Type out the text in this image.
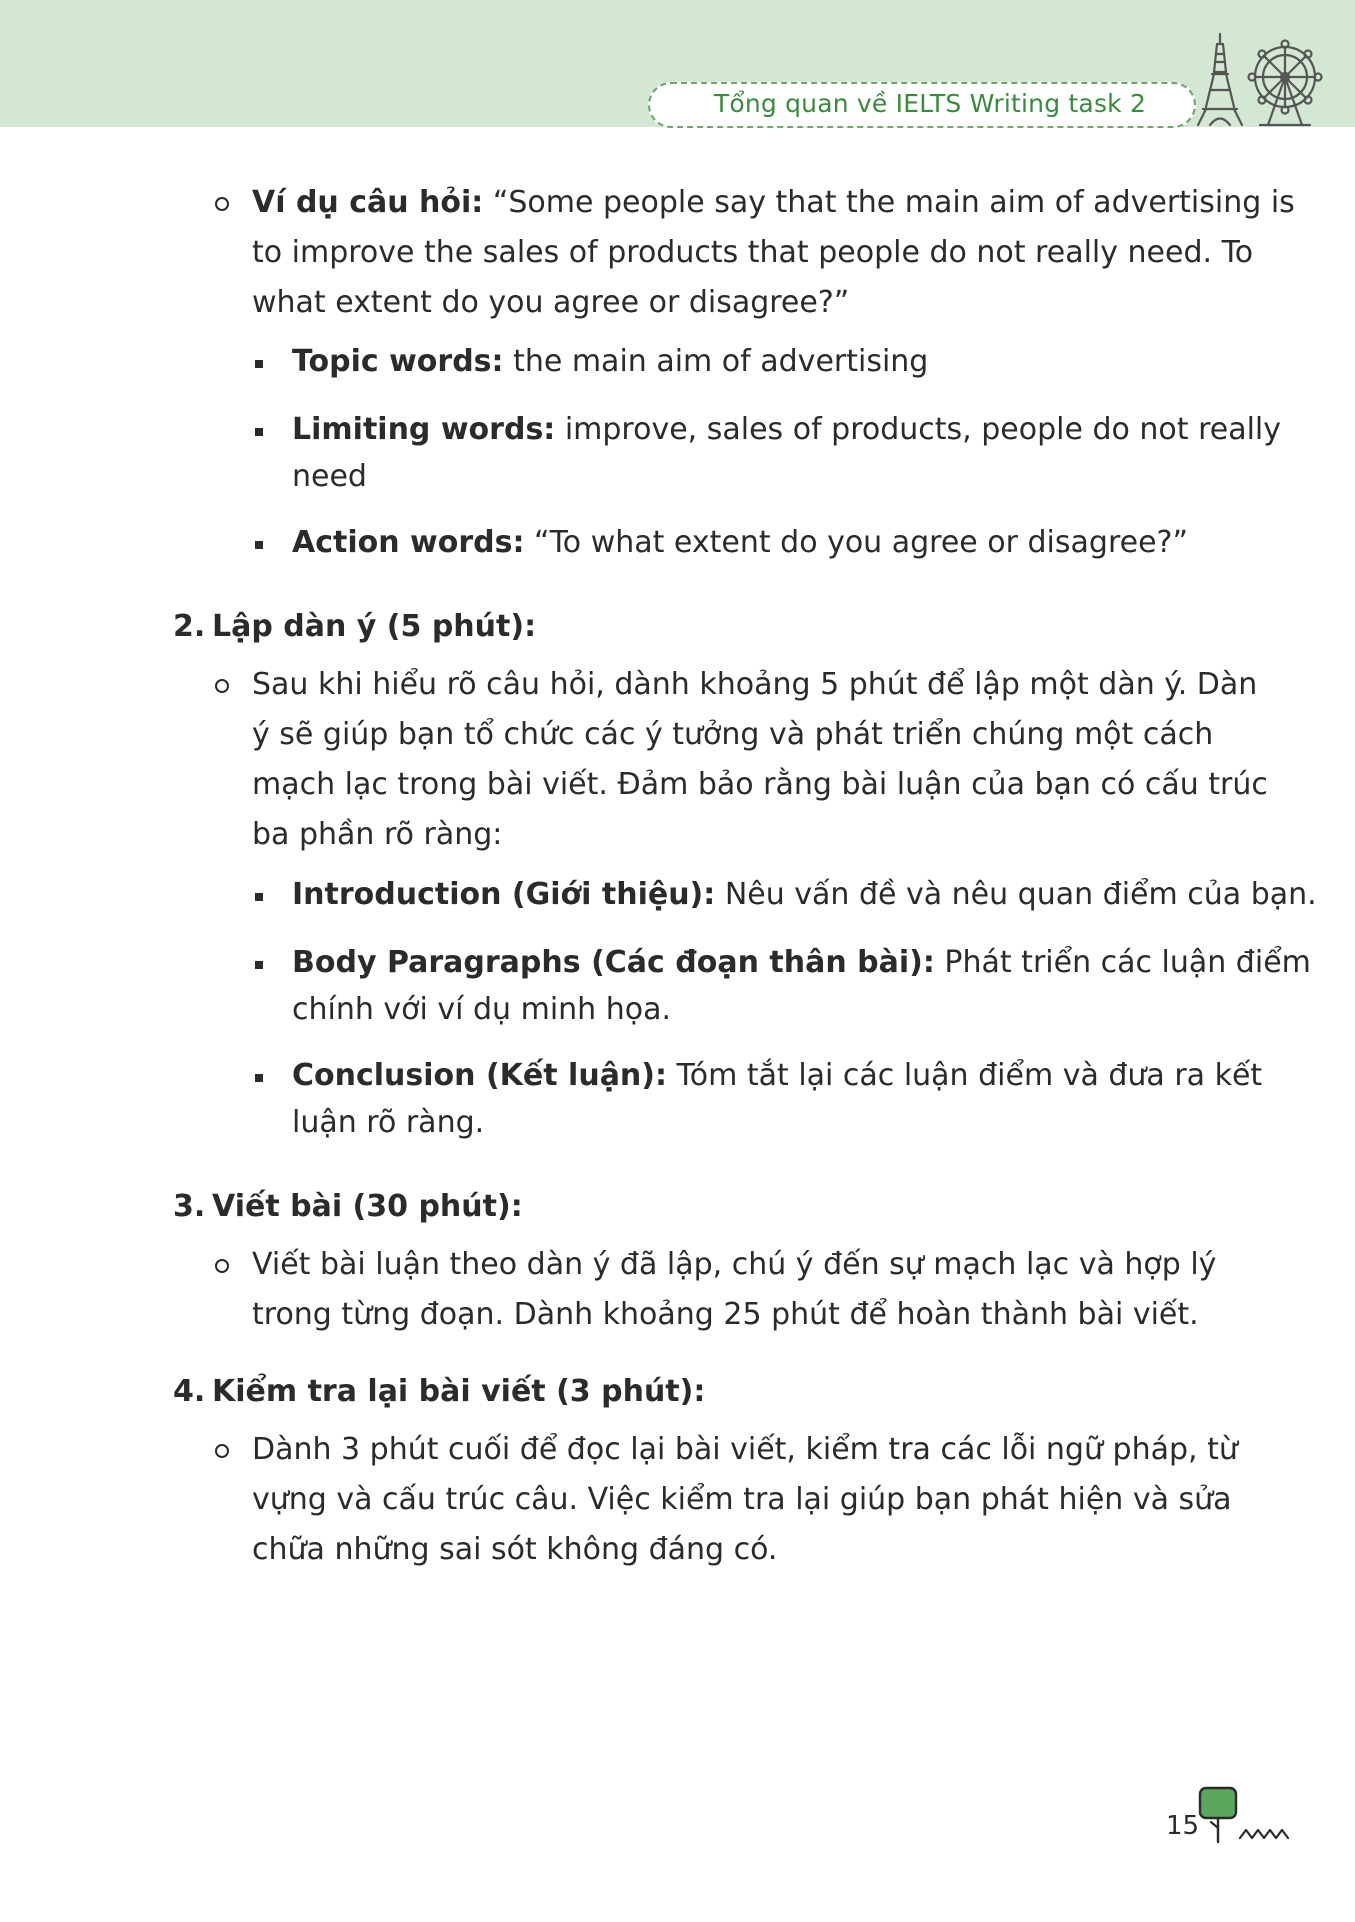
Tổng quan về IELTS Writing task 2
Ví dụ câu hỏi: “Some people say that the main aim of advertising is
to improve the sales of products that people do not really need. To
what extent do you agree or disagree?”
Topic words: the main aim of advertising
Limiting words: improve, sales of products, people do not really
need
Action words: “To what extent do you agree or disagree?”
2. Lập dàn ý (5 phút):
Sau khi hiểu rõ câu hỏi, dành khoảng 5 phút để lập một dàn ý. Dàn
ý sẽ giúp bạn tổ chức các ý tưởng và phát triển chúng một cách
mạch lạc trong bài viết. Đảm bảo rằng bài luận của bạn có cấu trúc
ba phần rõ ràng:
Introduction (Giới thiệu): Nêu vấn đề và nêu quan điểm của bạn.
Body Paragraphs (Các đoạn thân bài): Phát triển các luận điểm
chính với ví dụ minh họa.
Conclusion (Kết luận): Tóm tắt lại các luận điểm và đưa ra kết
luận rõ ràng.
3. Viết bài (30 phút):
Viết bài luận theo dàn ý đã lập, chú ý đến sự mạch lạc và hợp lý
trong từng đoạn. Dành khoảng 25 phút để hoàn thành bài viết.
4. Kiểm tra lại bài viết (3 phút):
Dành 3 phút cuối để đọc lại bài viết, kiểm tra các lỗi ngữ pháp, từ
vựng và cấu trúc câu. Việc kiểm tra lại giúp bạn phát hiện và sửa
chữa những sai sót không đáng có.
15
